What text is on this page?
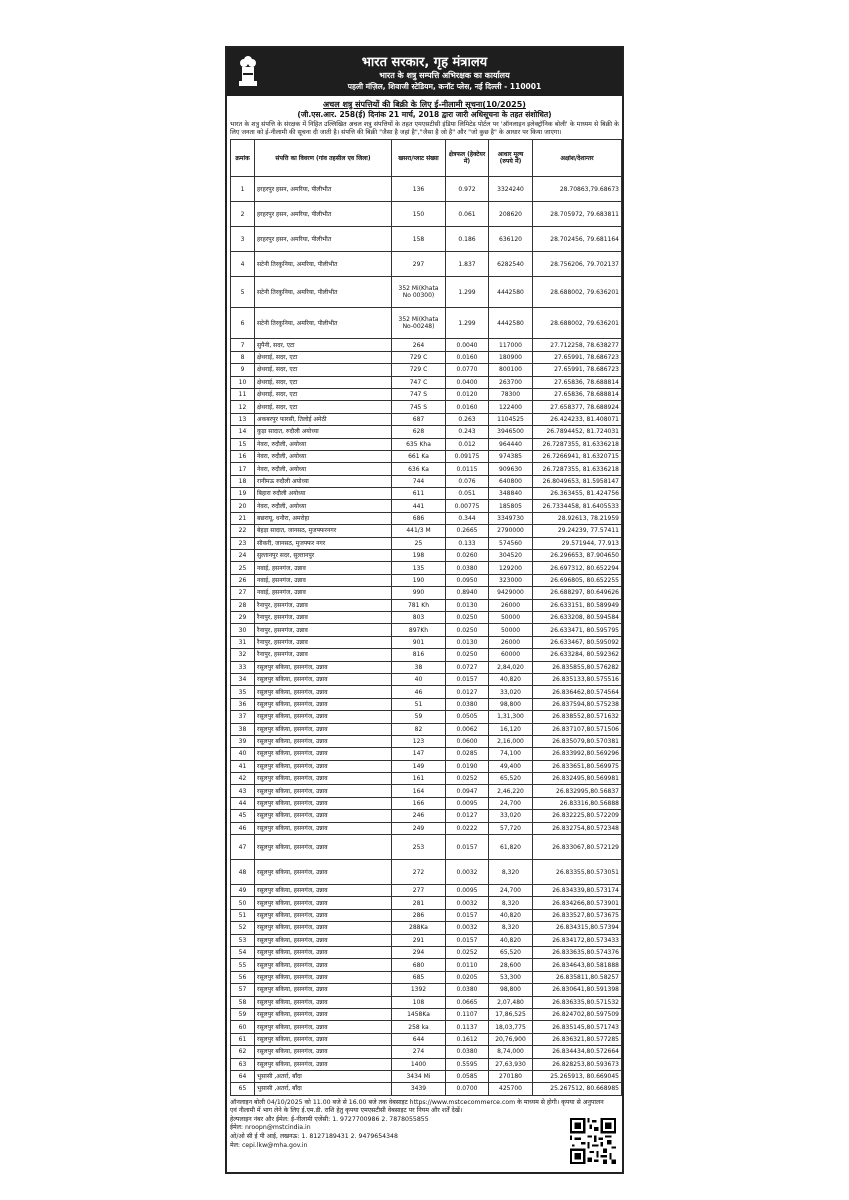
भारत सरकार, गृह मंत्रालय
भारत के शत्रु सम्पत्ति अभिरक्षक का कार्यालय
पहली मंज़िल, शिवाजी स्टेडियम, कनॉट प्लेस, नई दिल्ली - 110001
अचल शत्रु संपत्तियों की बिक्री के लिए ई-नीलामी सूचना(10/2025)
(जी.एस.आर. 258(ई) दिनांक 21 मार्च, 2018 द्वारा जारी अधिसूचना के तहत संशोधित)
भारत के शत्रु संपत्ति के संरक्षक में निहित उल्लिखित अचल शत्रु संपत्तियों के तहत एमएसटीसी इंडिया लिमिटेड पोर्टल पर 'ऑनलाइन इलेक्ट्रॉनिक बोली' के माध्यम से बिक्री के लिए जनता को ई-नीलामी की सूचना दी जाती है। संपत्ति की बिक्री "जैसा है जहां है","जैसा है जो है" और "जो कुछ है" के आधार पर किया जाएगा।
क्रमांक	संपत्ति का विवरण (गांव तहसील एव जिला)	खसरा/प्लाट संख्या	क्षेत्रफल (हेक्टेयर में)	आधार मूल्य (रुपये में)	अक्षांश/देशान्तर
1	हरहरपुर हसन, अमरिया, पीलीभीत	136	0.972	3324240	28.70863,79.68673
2	हरहरपुर हसन, अमरिया, पीलीभीत	150	0.061	208620	28.705972, 79.683811
3	हरहरपुर हसन, अमरिया, पीलीभीत	158	0.186	636120	28.702456, 79.681164
4	सटेनी तिरकुनिया, अमरिया, पीलीभीत	297	1.837	6282540	28.756206, 79.702137
5	सटेनी तिरकुनिया, अमरिया, पीलीभीत	352 Mi(Khata No 00300)	1.299	4442580	28.688002, 79.636201
6	सटेनी तिरकुनिया, अमरिया, पीलीभीत	352 Mi(Khata No-00248)	1.299	4442580	28.688002, 79.636201
7	सुपैनी, सदर, एटा	264	0.0040	117000	27.712258, 78.638277
8	क्षेथराई, सदर, एटा	729 C	0.0160	180900	27.65991, 78.686723
9	क्षेथराई, सदर, एटा	729 C	0.0770	800100	27.65991, 78.686723
10	क्षेथराई, सदर, एटा	747 C	0.0400	263700	27.65836, 78.688814
11	क्षेथराई, सदर, एटा	747 S	0.0120	78300	27.65836, 78.688814
12	क्षेथराई, सदर, एटा	745 S	0.0160	122400	27.658377, 78.688924
13	अकबरपुर फारसी, तिलोई अमेठी	687	0.263	1104525	26.424233, 81.408071
14	कुड़ा सादात, रुदौली अयोध्या	628	0.243	3946500	26.7894452, 81.724031
15	नेवरा, रुदौली, अयोध्या	635 Kha	0.012	964440	26.7287355, 81.6336218
16	नेवरा, रुदौली, अयोध्या	661 Ka	0.09175	974385	26.7266941, 81.6320715
17	नेवरा, रुदौली, अयोध्या	636 Ka	0.0115	909630	26.7287355, 81.6336218
18	रानीमऊ रुदौली अयोध्या	744	0.076	640800	26.8049653, 81.5958147
19	बिहारा रुदौली अयोध्या	611	0.051	348840	26.363455, 81.424756
20	नेवरा, रुदौली, अयोध्या	441	0.00775	185805	26.7334458, 81.6405533
21	बछरायू, धनौरा, अमरोहा	686	0.344	3349730	28.92613, 78.21959
22	बेहड़ा सादात, जानसठ, मुजफ्फरनगर	441/3 M	0.2665	2790000	29.24239, 77.57411
23	सीकरी, जानसठ, मुजफ्फर नगर	25	0.133	574560	29.571944, 77.913
24	सुल्तानपुर सदर, सुल्तानपुर	198	0.0260	304520	26.296653, 87.904650
25	नवाई, हसनगंज, उन्नाव	135	0.0380	129200	26.697312, 80.652294
26	नवाई, हसनगंज, उन्नाव	190	0.0950	323000	26.696805, 80.652255
27	नवाई, हसनगंज, उन्नाव	990	0.8940	9429000	26.688297, 80.649626
28	रैनापुर, हसनगंज, उन्नाव	781 Kh	0.0130	26000	26.633151, 80.589949
29	रैनापुर, हसनगंज, उन्नाव	803	0.0250	50000	26.633208, 80.594584
30	रैनापुर, हसनगंज, उन्नाव	897Kh	0.0250	50000	26.633471, 80.595795
31	रैनापुर, हसनगंज, उन्नाव	901	0.0130	26000	26.633467, 80.595092
32	रैनापुर, हसनगंज, उन्नाव	816	0.0250	60000	26.633284, 80.592362
33	रसूलपुर बकिया, हसनगंज, उन्नाव	38	0.0727	2,84,020	26.835855,80.576282
34	रसूलपुर बकिया, हसनगंज, उन्नाव	40	0.0157	40,820	26.835133,80.575516
35	रसूलपुर बकिया, हसनगंज, उन्नाव	46	0.0127	33,020	26.836462,80.574564
36	रसूलपुर बकिया, हसनगंज, उन्नाव	51	0.0380	98,800	26.837594,80.575238
37	रसूलपुर बकिया, हसनगंज, उन्नाव	59	0.0505	1,31,300	26.838552,80.571632
38	रसूलपुर बकिया, हसनगंज, उन्नाव	82	0.0062	16,120	26.837107,80.571506
39	रसूलपुर बकिया, हसनगंज, उन्नाव	123	0.0600	2,16,000	26.835079,80.570381
40	रसूलपुर बकिया, हसनगंज, उन्नाव	147	0.0285	74,100	26.833992,80.569296
41	रसूलपुर बकिया, हसनगंज, उन्नाव	149	0.0190	49,400	26.833651,80.569975
42	रसूलपुर बकिया, हसनगंज, उन्नाव	161	0.0252	65,520	26.832495,80.569981
43	रसूलपुर बकिया, हसनगंज, उन्नाव	164	0.0947	2,46,220	26.832995,80.56837
44	रसूलपुर बकिया, हसनगंज, उन्नाव	166	0.0095	24,700	26.83316,80.56888
45	रसूलपुर बकिया, हसनगंज, उन्नाव	246	0.0127	33,020	26.832225,80.572209
46	रसूलपुर बकिया, हसनगंज, उन्नाव	249	0.0222	57,720	26.832754,80.572348
47	रसूलपुर बकिया, हसनगंज, उन्नाव	253	0.0157	61,820	26.833067,80.572129
48	रसूलपुर बकिया, हसनगंज, उन्नाव	272	0.0032	8,320	26.83355,80.573051
49	रसूलपुर बकिया, हसनगंज, उन्नाव	277	0.0095	24,700	26.834339,80.573174
50	रसूलपुर बकिया, हसनगंज, उन्नाव	281	0.0032	8,320	26.834266,80.573901
51	रसूलपुर बकिया, हसनगंज, उन्नाव	286	0.0157	40,820	26.833527,80.573675
52	रसूलपुर बकिया, हसनगंज, उन्नाव	288Ka	0.0032	8,320	26.834315,80.57394
53	रसूलपुर बकिया, हसनगंज, उन्नाव	291	0.0157	40,820	26.834172,80.573433
54	रसूलपुर बकिया, हसनगंज, उन्नाव	294	0.0252	65,520	26.833635,80.574376
55	रसूलपुर बकिया, हसनगंज, उन्नाव	680	0.0110	28,600	26.834643,80.581888
56	रसूलपुर बकिया, हसनगंज, उन्नाव	685	0.0205	53,300	26.835811,80.58257
57	रसूलपुर बकिया, हसनगंज, उन्नाव	1392	0.0380	98,800	26.830641,80.591398
58	रसूलपुर बकिया, हसनगंज, उन्नाव	108	0.0665	2,07,480	26.836335,80.571532
59	रसूलपुर बकिया, हसनगंज, उन्नाव	1458Ka	0.1107	17,86,525	26.824702,80.597509
60	रसूलपुर बकिया, हसनगंज, उन्नाव	258 ka	0.1137	18,03,775	26.835145,80.571743
61	रसूलपुर बकिया, हसनगंज, उन्नाव	644	0.1612	20,76,900	26.836321,80.577285
62	रसूलपुर बकिया, हसनगंज, उन्नाव	274	0.0380	8,74,000	26.834434,80.572664
63	रसूलपुर बकिया, हसनगंज, उन्नाव	1400	0.5595	27,63,930	26.828253,80.593673
64	भुसासी ,अतर्रा, बाँदा	3434 Mi	0.0585	270180	25.265913, 80.669045
65	भुसासी ,अतर्रा, बाँदा	3439	0.0700	425700	25.267512, 80.668985
ऑनलाइन बोली 04/10/2025 को 11.00 बजे से 16.00 बजे तक वेबसाइट https://www.mstcecommerce.com के माध्यम से होगी। कृपया से अनुपालन एवं नीलामी में भाग लेने के लिए ई.एम.डी. राशि हेतु कृपया एमएसटीसी वेबसाइट पर नियम और शर्तें देखें।
हेल्पलाइन नंबर और ईमेल: ई-नीलामी एजेंसी: 1. 9727700986 2. 7878055855
ईमेल: nroopn@mstcindia.in
ओ/ओ सी ई पी आई, लखनऊ: 1. 8127189431 2. 9479654348
मेल: cepi.lkw@mha.gov.in
